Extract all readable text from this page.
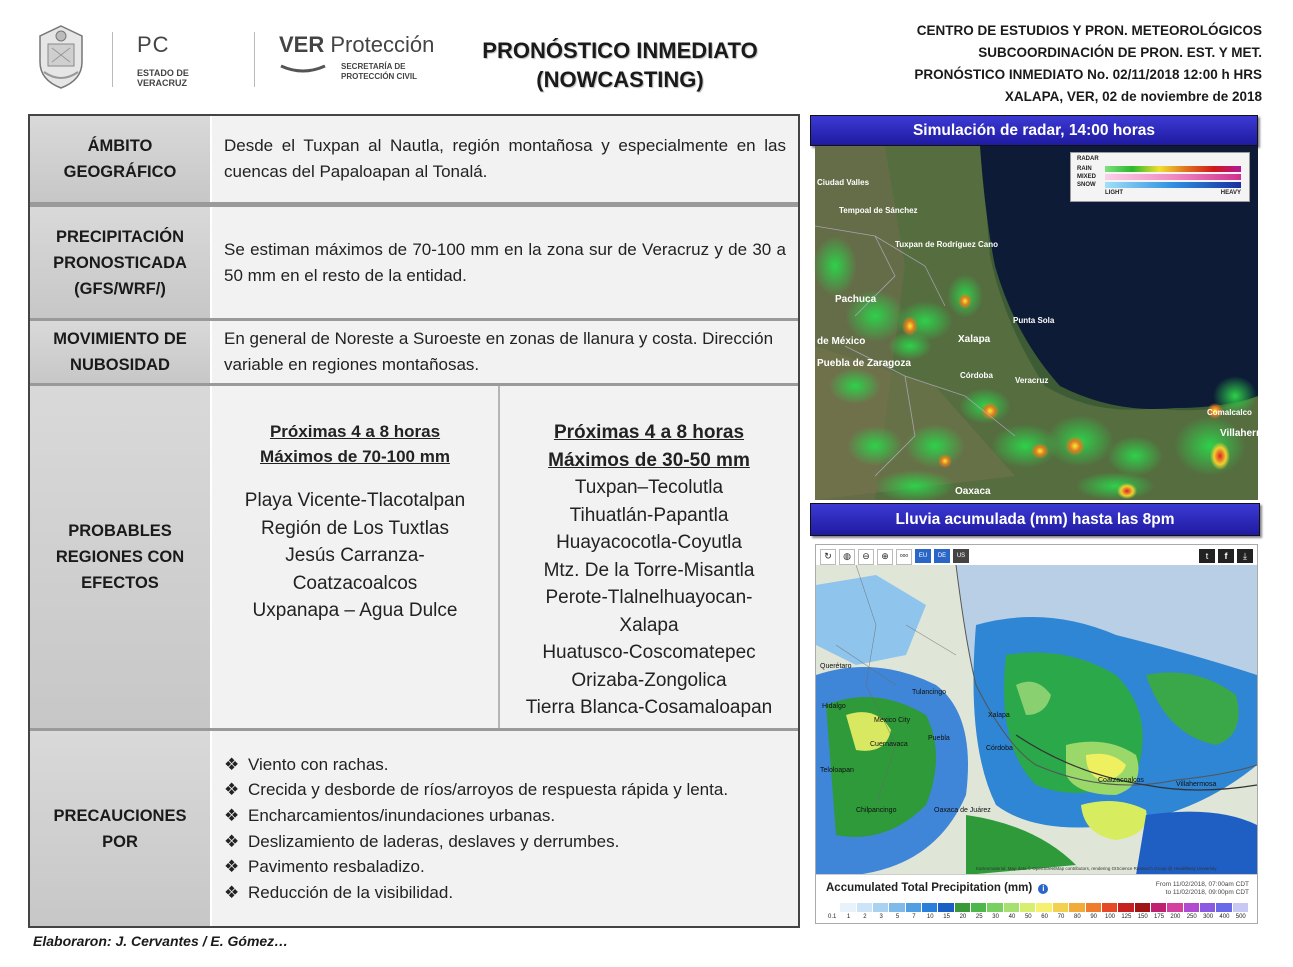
PC
ESTADO DE VERACRUZ
VER Protección
SECRETARÍA DE
PROTECCIÓN CIVIL
PRONÓSTICO INMEDIATO
(NOWCASTING)
CENTRO DE ESTUDIOS Y PRON. METEOROLÓGICOS
SUBCOORDINACIÓN DE PRON. EST. Y MET.
PRONÓSTICO INMEDIATO No. 02/11/2018 12:00 h HRS
XALAPA, VER, 02 de noviembre de 2018
ÁMBITO
GEOGRÁFICO
Desde el Tuxpan al Nautla, región montañosa y especialmente en las cuencas del Papaloapan al Tonalá.
PRECIPITACIÓN
PRONOSTICADA
(GFS/WRF/)
Se estiman máximos de 70-100 mm en la zona sur de Veracruz y de 30 a 50 mm en el resto de la entidad.
MOVIMIENTO DE
NUBOSIDAD
En general de Noreste a Suroeste en zonas de llanura y costa. Dirección variable en regiones montañosas.
PROBABLES
REGIONES CON
EFECTOS
Próximas 4 a 8 horas
Máximos de 70-100 mm
Playa Vicente-Tlacotalpan
Región de Los Tuxtlas
Jesús Carranza-
Coatzacoalcos
Uxpanapa – Agua Dulce
Próximas 4 a 8 horas
Máximos de 30-50 mm
Tuxpan–Tecolutla
Tihuatlán-Papantla
Huayacocotla-Coyutla
Mtz. De la Torre-Misantla
Perote-Tlalnelhuayocan-
Xalapa
Huatusco-Coscomatepec
Orizaba-Zongolica
Tierra Blanca-Cosamaloapan
PRECAUCIONES
POR
❖ Viento con rachas.
❖ Crecida y desborde de ríos/arroyos de respuesta rápida y lenta.
❖ Encharcamientos/inundaciones urbanas.
❖ Deslizamiento de laderas, deslaves y derrumbes.
❖ Pavimento resbaladizo.
❖ Reducción de la visibilidad.
Elaboraron: J. Cervantes / E. Gómez…
Simulación de radar, 14:00 horas
RADAR
RAIN
MIXED
SNOW
LIGHT	HEAVY
Ciudad Valles
Tempoal de Sánchez
Tuxpan de Rodríguez Cano
Pachuca
de México
Puebla de Zaragoza
Xalapa
Punta Sola
Córdoba
Veracruz
Oaxaca
Villaherm
Comalcalco
Lluvia acumulada (mm) hasta las 8pm
↻	◍	⊖	⊕	ooo	EU	DE	US	t	f	⤓
Mexico City
Puebla
Xalapa
Córdoba
Coatzacoalcos
Villahermosa
Tulancingo
Cuernavaca
Chilpancingo	Oaxaca de Juárez
Querétaro
Hidalgo
Teloloapan
Kartenmaterial: Map data © OpenStreetMap contributors, rendering GIScience Research Group @ Heidelberg University
Accumulated Total Precipitation (mm) i	From 11/02/2018, 07:00am CDT
to 11/02/2018, 09:00pm CDT
0.1	1	2	3	5	7	10	15	20	25	30	40	50	60	70	80	90	100	125	150	175	200	250	300	400	500
